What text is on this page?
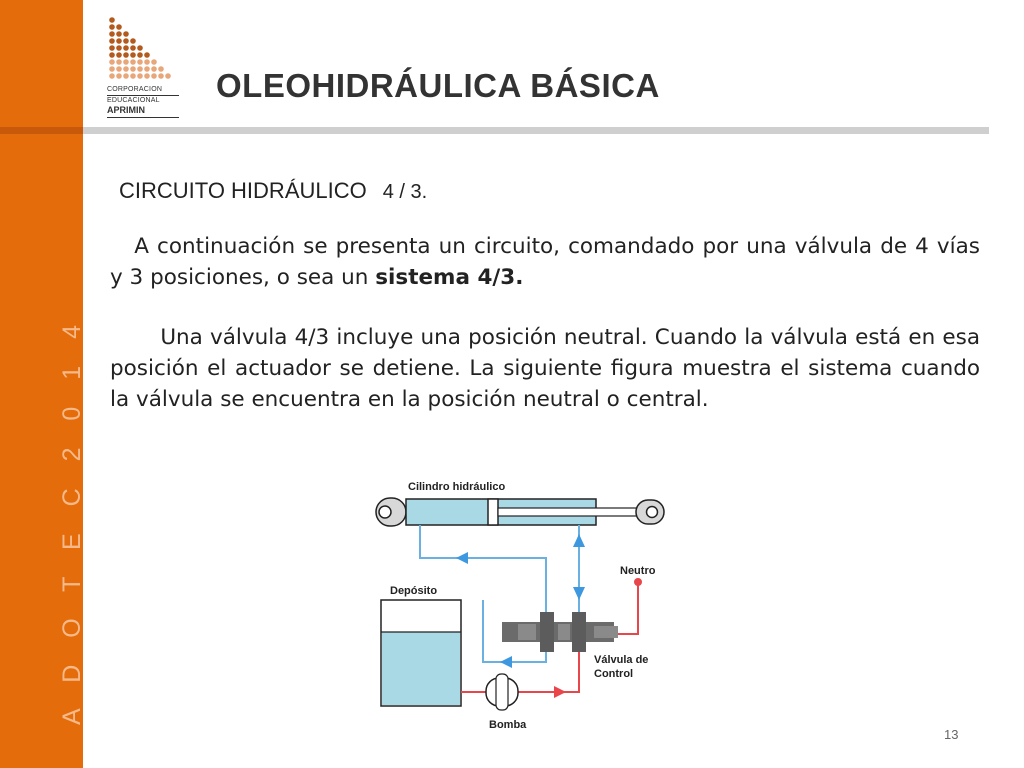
A D O T E C 2 0 1 4
CORPORACION
EDUCACIONAL
APRIMIN
OLEOHIDRÁULICA BÁSICA
CIRCUITO HIDRÁULICO 4 / 3.

A continuación se presenta un circuito, comandado por una válvula de 4 vías y 3 posiciones, o sea un sistema 4/3.

Una válvula 4/3 incluye una posición neutral. Cuando la válvula está en esa posición el actuador se detiene. La siguiente figura muestra el sistema cuando la válvula se encuentra en la posición neutral o central.

Cilindro hidráulico
Depósito
Bomba
Neutro
Válvula de
Control
13
